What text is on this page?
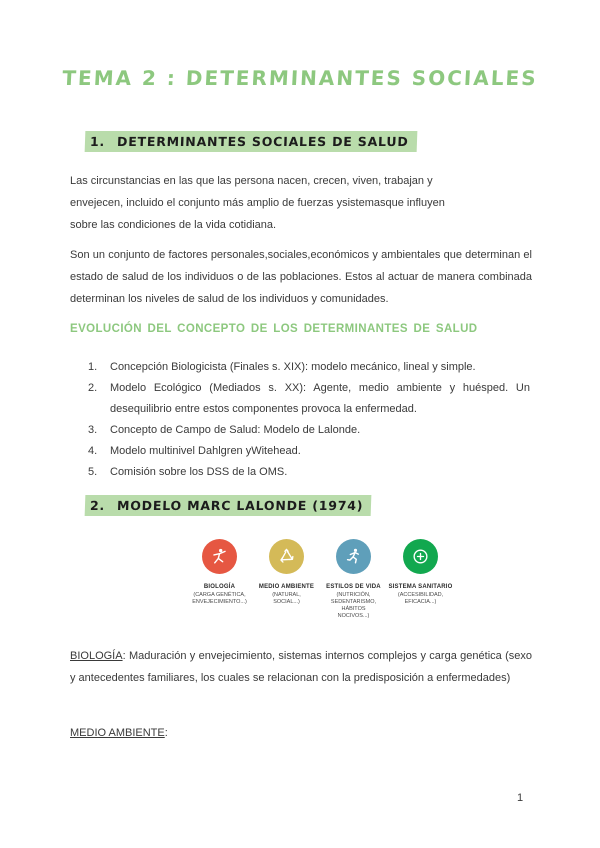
TEMA 2 : DETERMINANTES SOCIALES
1. DETERMINANTES SOCIALES DE SALUD

Las circunstancias en las que las persona nacen, crecen, viven, trabajan y envejecen, incluido el conjunto más amplio de fuerzas ysistemasque influyen sobre las condiciones de la vida cotidiana.

Son un conjunto de factores personales,sociales,económicos y ambientales que determinan el estado de salud de los individuos o de las poblaciones. Estos al actuar de manera combinada determinan los niveles de salud de los individuos y comunidades.

EVOLUCIÓN DEL CONCEPTO DE LOS DETERMINANTES DE SALUD
1.	Concepción Biologicista (Finales s. XIX): modelo mecánico, lineal y simple.
2.	Modelo Ecológico (Mediados s. XX): Agente, medio ambiente y huésped. Un desequilibrio entre estos componentes provoca la enfermedad.
3.	Concepto de Campo de Salud: Modelo de Lalonde.
4.	Modelo multinivel Dahlgren yWitehead.
5.	Comisión sobre los DSS de la OMS.
2. MODELO MARC LALONDE (1974)
BIOLOGÍA
(CARGA GENÉTICA, ENVEJECIMIENTO...)
MEDIO AMBIENTE
(NATURAL, SOCIAL...)
ESTILOS DE VIDA
(NUTRICIÓN, SEDENTARISMO, HÁBITOS NOCIVOS...)
SISTEMA SANITARIO
(ACCESIBILIDAD, EFICACIA...)

BIOLOGÍA: Maduración y envejecimiento, sistemas internos complejos y carga genética (sexo y antecedentes familiares, los cuales se relacionan con la predisposición a enfermedades)

MEDIO AMBIENTE:

1
